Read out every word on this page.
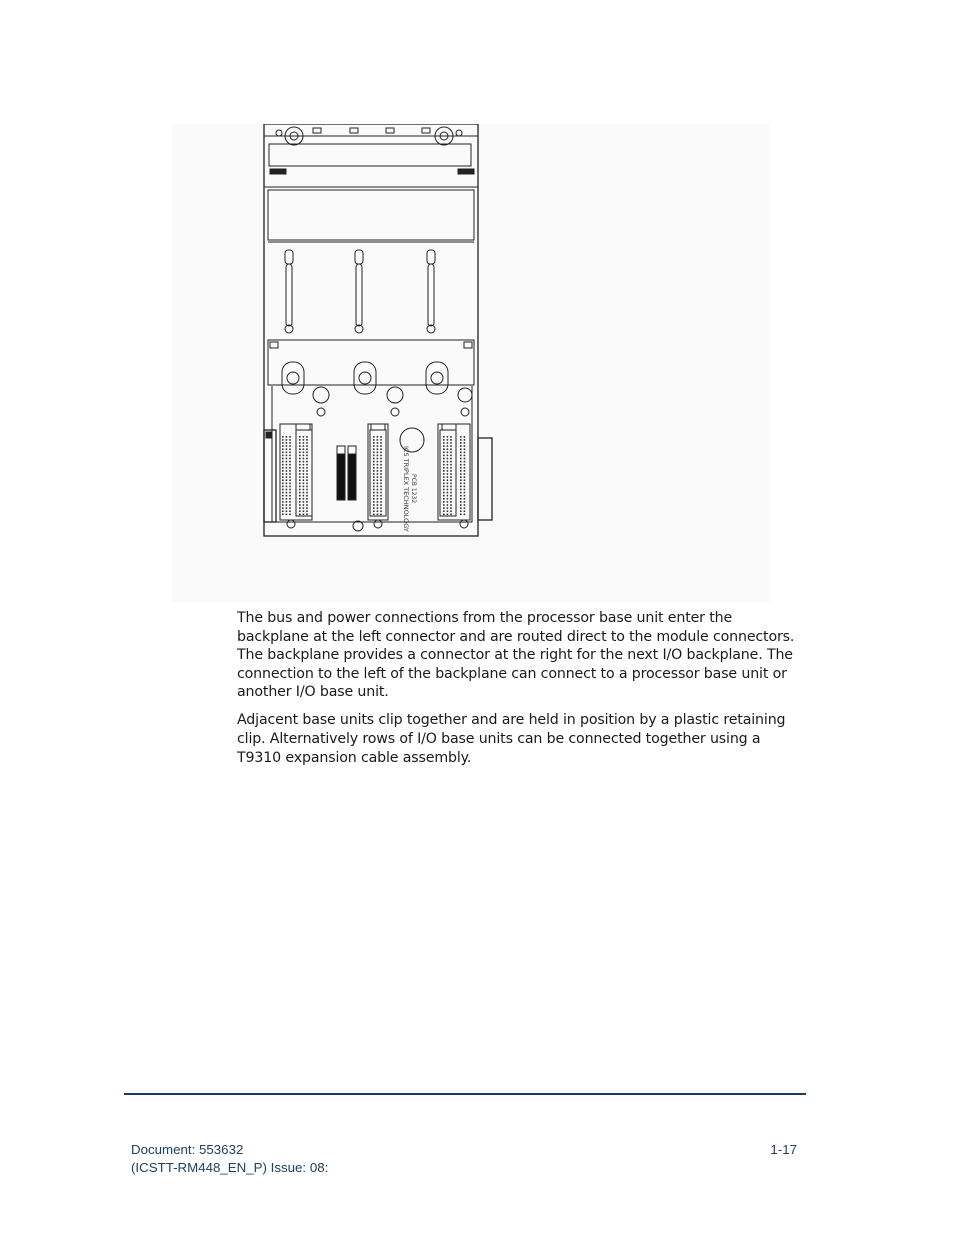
ICS TRIPLEX TECHNOLOGY PCB 1232

The bus and power connections from the processor base unit enter the backplane at the left connector and are routed direct to the module connectors. The backplane provides a connector at the right for the next I/O backplane. The connection to the left of the backplane can connect to a processor base unit or another I/O base unit.

Adjacent base units clip together and are held in position by a plastic retaining clip. Alternatively rows of I/O base units can be connected together using a T9310 expansion cable assembly.

Document: 553632
(ICSTT-RM448_EN_P) Issue: 08:
1-17
